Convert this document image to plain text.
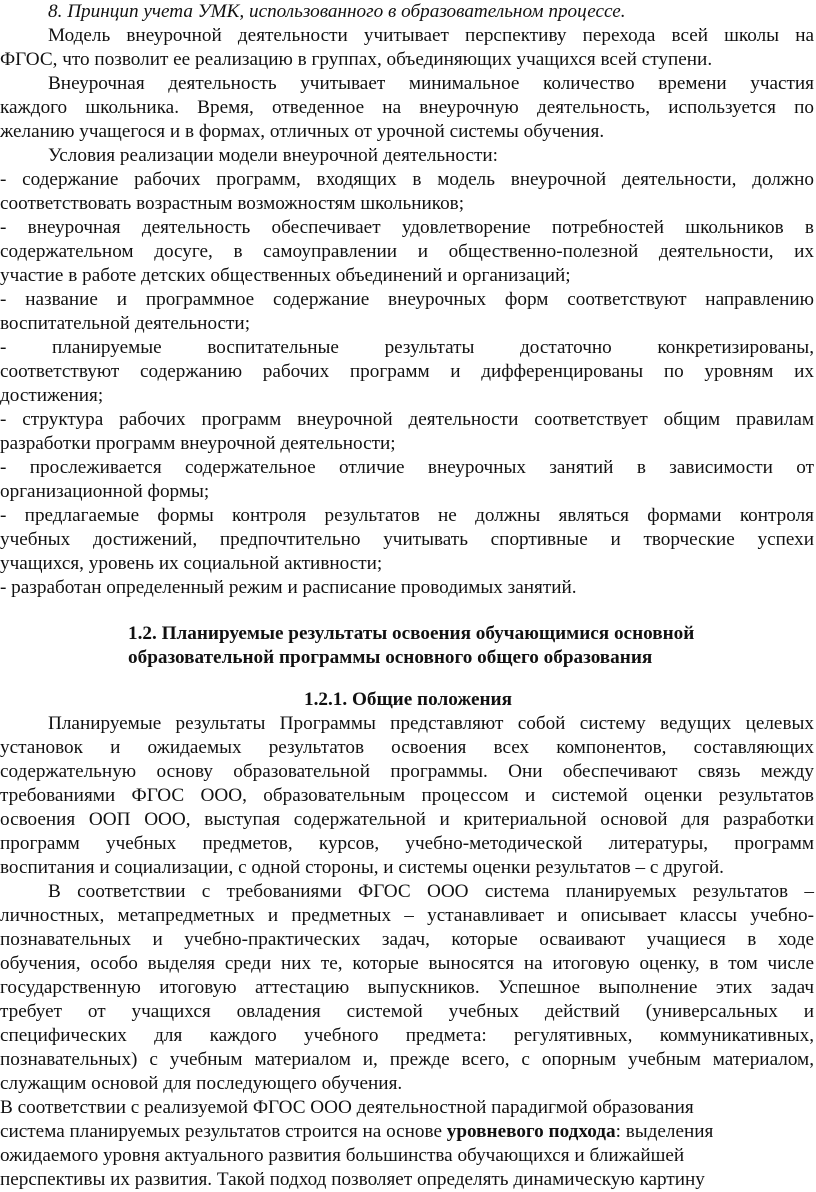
8. Принцип учета УМК, использованного в образовательном процессе.
Модель внеурочной деятельности учитывает перспективу перехода всей школы на
ФГОС, что позволит ее реализацию в группах, объединяющих учащихся всей ступени.
Внеурочная деятельность учитывает минимальное количество времени участия
каждого школьника. Время, отведенное на внеурочную деятельность, используется по
желанию учащегося и в формах, отличных от урочной системы обучения.
Условия реализации модели внеурочной деятельности:
- содержание рабочих программ, входящих в модель внеурочной деятельности, должно
соответствовать возрастным возможностям школьников;
- внеурочная деятельность обеспечивает удовлетворение потребностей школьников в
содержательном досуге, в самоуправлении и общественно-полезной деятельности, их
участие в работе детских общественных объединений и организаций;
- название и программное содержание внеурочных форм соответствуют направлению
воспитательной деятельности;
- планируемые воспитательные результаты достаточно конкретизированы,
соответствуют содержанию рабочих программ и дифференцированы по уровням их
достижения;
- структура рабочих программ внеурочной деятельности соответствует общим правилам
разработки программ внеурочной деятельности;
- прослеживается содержательное отличие внеурочных занятий в зависимости от
организационной формы;
- предлагаемые формы контроля результатов не должны являться формами контроля
учебных достижений, предпочтительно учитывать спортивные и творческие успехи
учащихся, уровень их социальной активности;
- разработан определенный режим и расписание проводимых занятий.
1.2. Планируемые результаты освоения обучающимися основной
образовательной программы основного общего образования
1.2.1. Общие положения
Планируемые результаты Программы представляют собой систему ведущих целевых
установок и ожидаемых результатов освоения всех компонентов, составляющих
содержательную основу образовательной программы. Они обеспечивают связь между
требованиями ФГОС ООО, образовательным процессом и системой оценки результатов
освоения ООП ООО, выступая содержательной и критериальной основой для разработки
программ учебных предметов, курсов, учебно-методической литературы, программ
воспитания и социализации, с одной стороны, и системы оценки результатов – с другой.
В соответствии с требованиями ФГОС ООО система планируемых результатов –
личностных, метапредметных и предметных – устанавливает и описывает классы учебно-
познавательных и учебно-практических задач, которые осваивают учащиеся в ходе
обучения, особо выделяя среди них те, которые выносятся на итоговую оценку, в том числе
государственную итоговую аттестацию выпускников. Успешное выполнение этих задач
требует от учащихся овладения системой учебных действий (универсальных и
специфических для каждого учебного предмета: регулятивных, коммуникативных,
познавательных) с учебным материалом и, прежде всего, с опорным учебным материалом,
служащим основой для последующего обучения.
В соответствии с реализуемой ФГОС ООО деятельностной парадигмой образования
система планируемых результатов строится на основе уровневого подхода: выделения
ожидаемого уровня актуального развития большинства обучающихся и ближайшей
перспективы их развития. Такой подход позволяет определять динамическую картину
